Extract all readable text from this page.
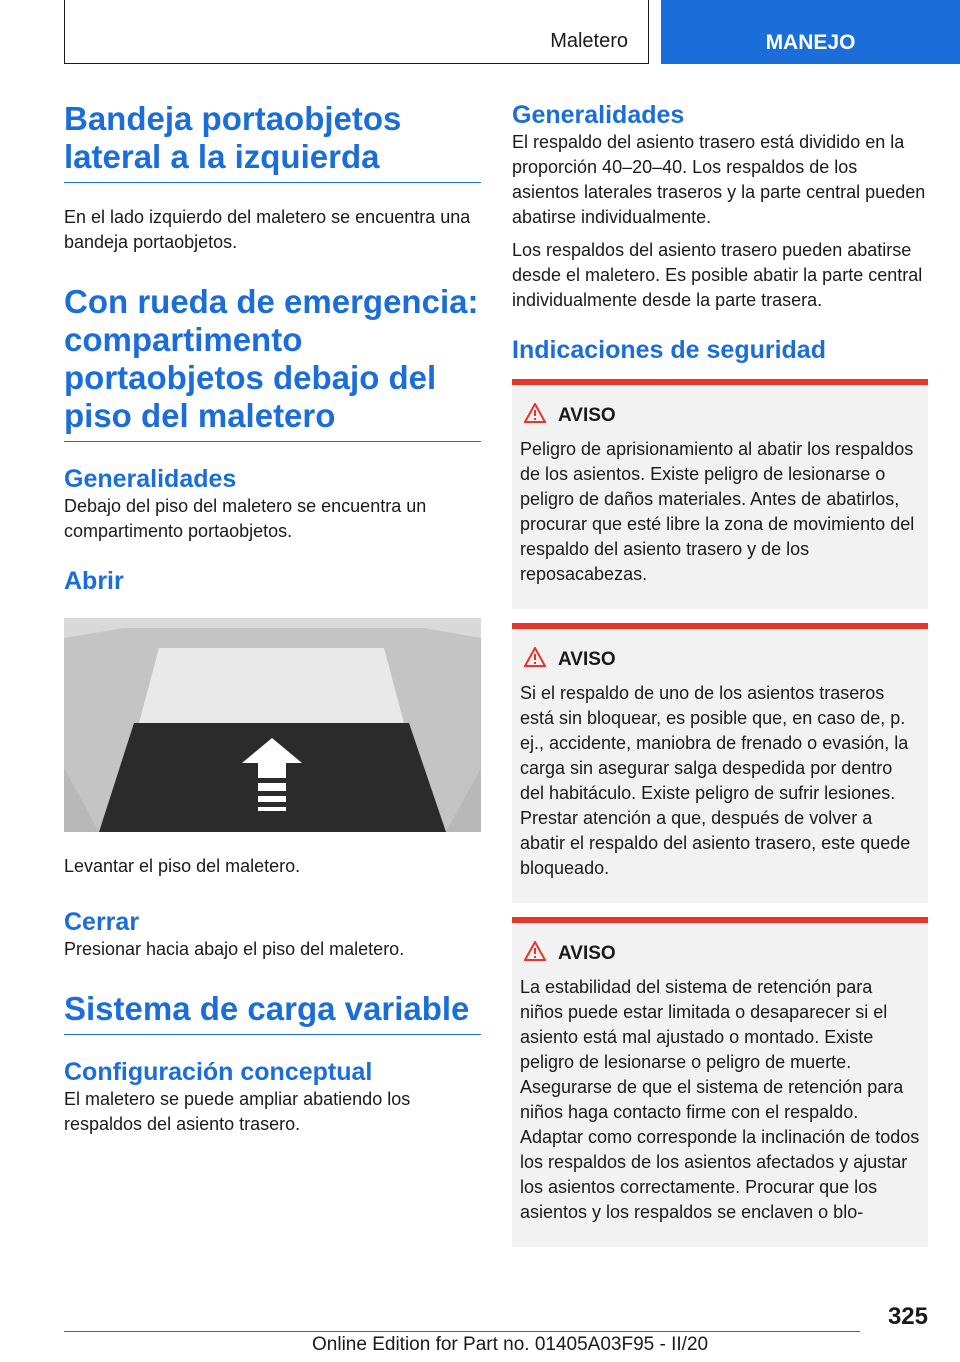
Maletero	MANEJO
Bandeja portaobjetos lateral a la izquierda

En el lado izquierdo del maletero se encuentra una bandeja portaobjetos.

Con rueda de emergencia: compartimento portaobjetos debajo del piso del maletero
Generalidades

Debajo del piso del maletero se encuentra un compartimento portaobjetos.

Abrir

Levantar el piso del maletero.

Cerrar

Presionar hacia abajo el piso del maletero.

Sistema de carga variable
Configuración conceptual

El maletero se puede ampliar abatiendo los respaldos del asiento trasero.

Generalidades

El respaldo del asiento trasero está dividido en la proporción 40–20–40. Los respaldos de los asientos laterales traseros y la parte central pueden abatirse individualmente.

Los respaldos del asiento trasero pueden abatirse desde el maletero. Es posible abatir la parte central individualmente desde la parte trasera.

Indicaciones de seguridad
AVISO

Peligro de aprisionamiento al abatir los respaldos de los asientos. Existe peligro de lesionarse o peligro de daños materiales. Antes de abatirlos, procurar que esté libre la zona de movimiento del respaldo del asiento trasero y de los reposacabezas.

AVISO

Si el respaldo de uno de los asientos traseros está sin bloquear, es posible que, en caso de, p. ej., accidente, maniobra de frenado o evasión, la carga sin asegurar salga despedida por dentro del habitáculo. Existe peligro de sufrir lesiones. Prestar atención a que, después de volver a abatir el respaldo del asiento trasero, este quede bloqueado.

AVISO

La estabilidad del sistema de retención para niños puede estar limitada o desaparecer si el asiento está mal ajustado o montado. Existe peligro de lesionarse o peligro de muerte. Asegurarse de que el sistema de retención para niños haga contacto firme con el respaldo. Adaptar como corresponde la inclinación de todos los respaldos de los asientos afectados y ajustar los asientos correctamente. Procurar que los asientos y los respaldos se enclaven o blo-

325
Online Edition for Part no. 01405A03F95 - II/20
